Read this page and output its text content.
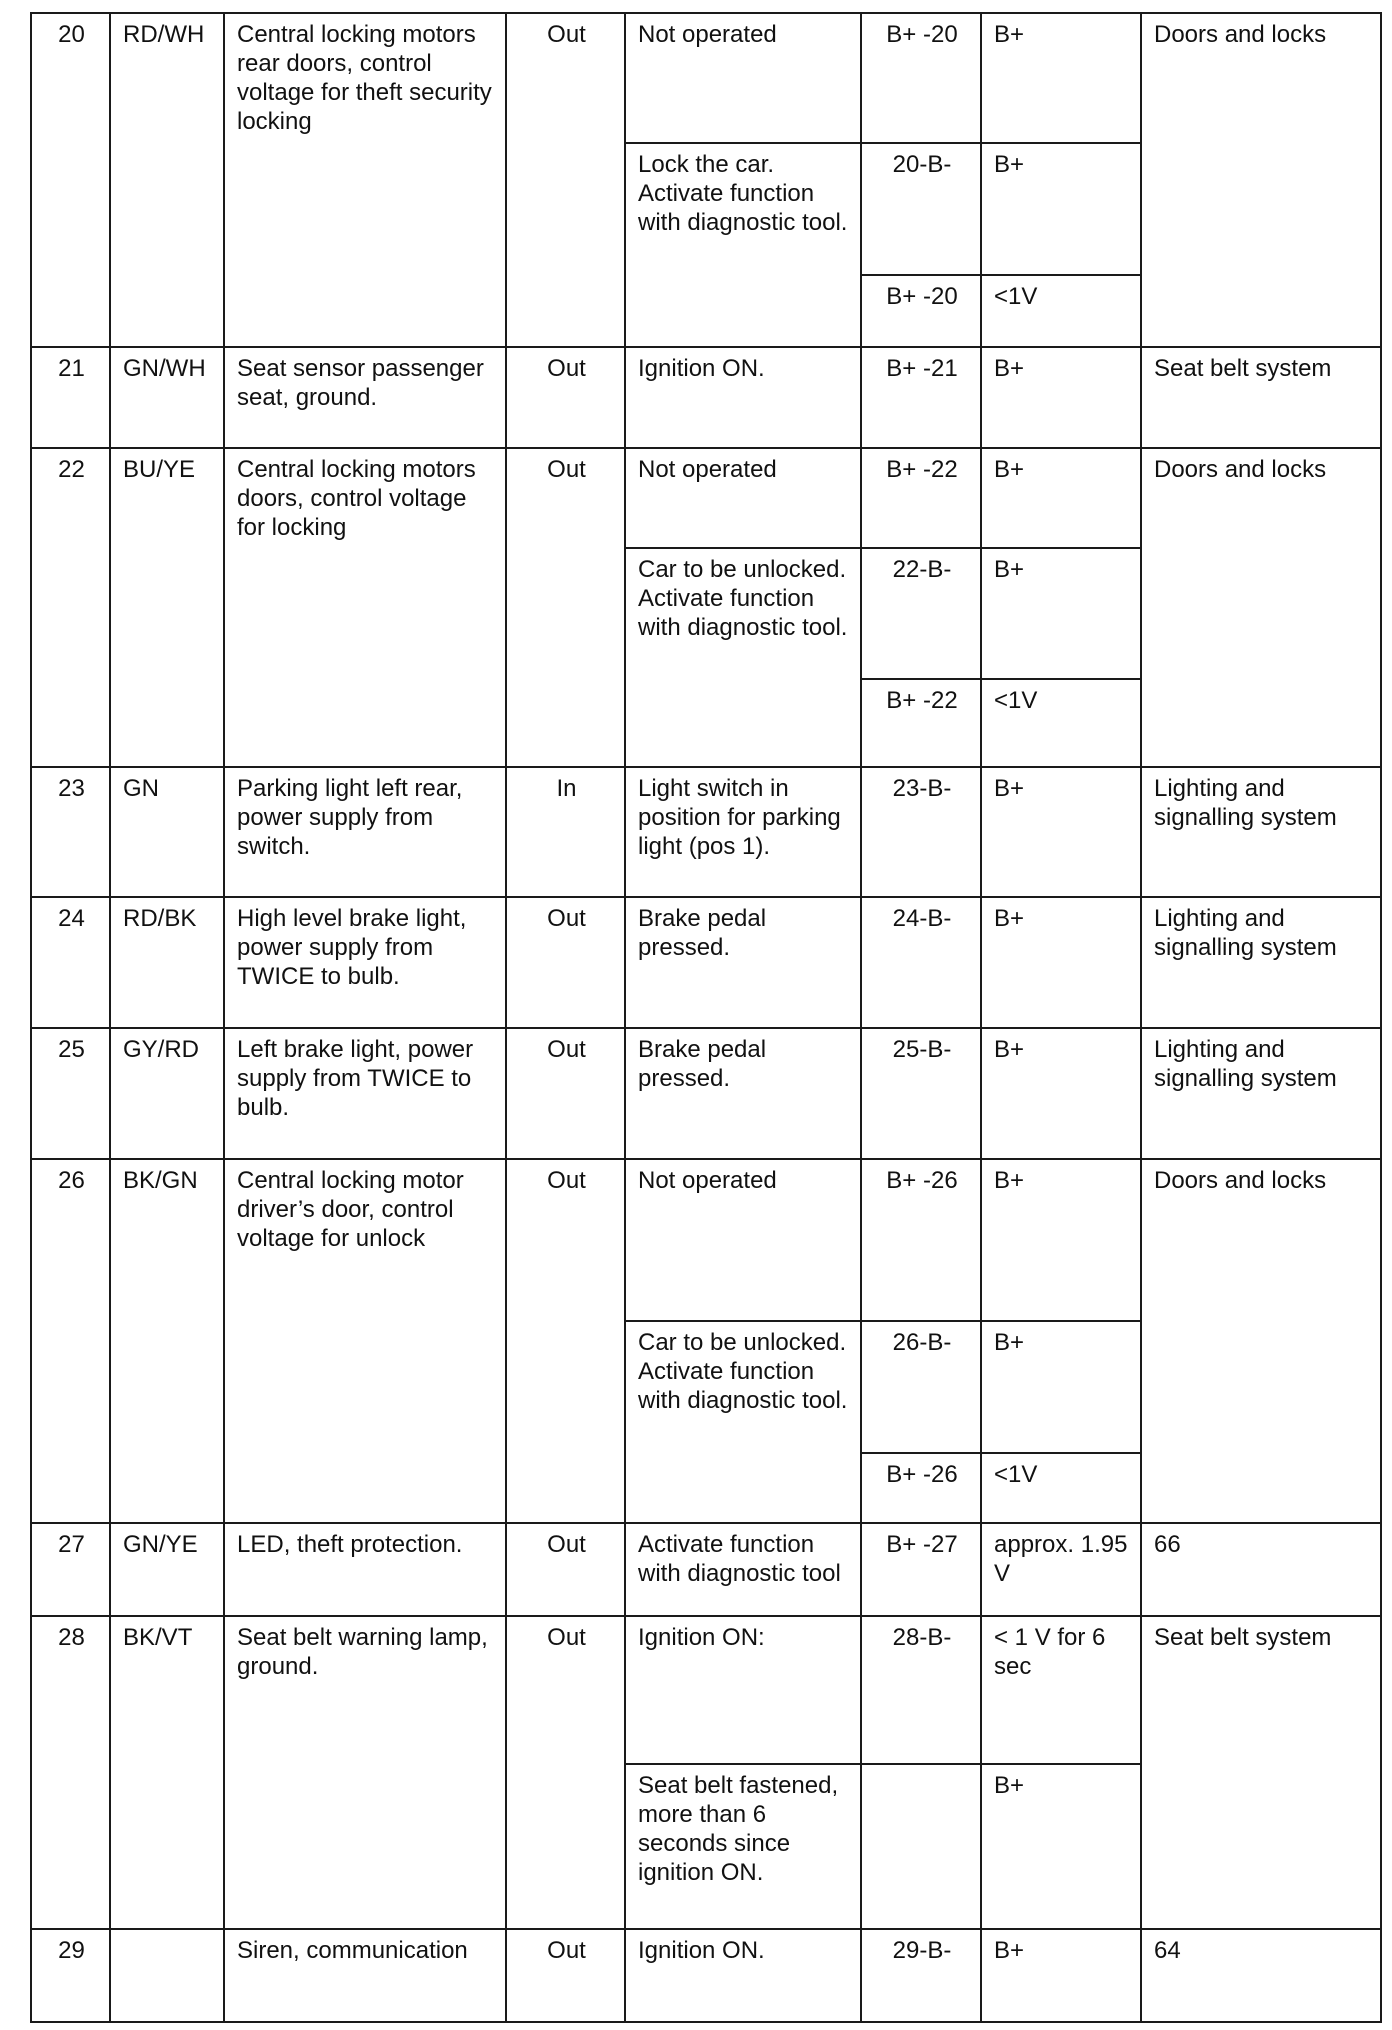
20	RD/WH	Central locking motors rear doors, control voltage for theft security locking	Out	Not operated	B+ -20	B+	Doors and locks
				Lock the car. Activate function with diagnostic tool.	20-B-	B+	
					B+ -20	<1V	
21	GN/WH	Seat sensor passenger seat, ground.	Out	Ignition ON.	B+ -21	B+	Seat belt system
22	BU/YE	Central locking motors doors, control voltage for locking	Out	Not operated	B+ -22	B+	Doors and locks
				Car to be unlocked. Activate function with diagnostic tool.	22-B-	B+	
					B+ -22	<1V	
23	GN	Parking light left rear, power supply from switch.	In	Light switch in position for parking light (pos 1).	23-B-	B+	Lighting and signalling system
24	RD/BK	High level brake light, power supply from TWICE to bulb.	Out	Brake pedal pressed.	24-B-	B+	Lighting and signalling system
25	GY/RD	Left brake light, power supply from TWICE to bulb.	Out	Brake pedal pressed.	25-B-	B+	Lighting and signalling system
26	BK/GN	Central locking motor driver’s door, control voltage for unlock	Out	Not operated	B+ -26	B+	Doors and locks
				Car to be unlocked. Activate function with diagnostic tool.	26-B-	B+	
					B+ -26	<1V	
27	GN/YE	LED, theft protection.	Out	Activate function with diagnostic tool	B+ -27	approx. 1.95 V	66
28	BK/VT	Seat belt warning lamp, ground.	Out	Ignition ON:	28-B-	< 1 V for 6 sec	Seat belt system
				Seat belt fastened, more than 6 seconds since ignition ON.		B+	
29		Siren, communication	Out	Ignition ON.	29-B-	B+	64
